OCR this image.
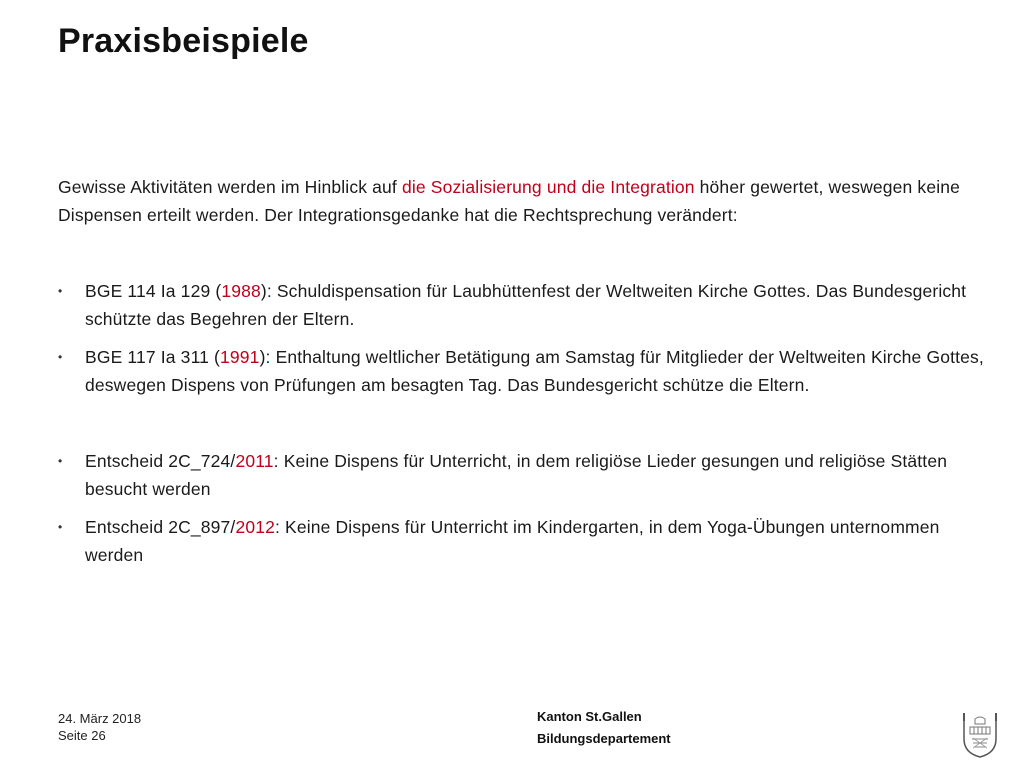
Praxisbeispiele

Gewisse Aktivitäten werden im Hinblick auf die Sozialisierung und die Integration höher gewertet, weswegen keine Dispensen erteilt werden. Der Integrationsgedanke hat die Rechtsprechung verändert:

• BGE 114 Ia 129 (1988): Schuldispensation für Laubhüttenfest der Weltweiten Kirche Gottes. Das Bundesgericht schützte das Begehren der Eltern.
• BGE 117 Ia 311 (1991): Enthaltung weltlicher Betätigung am Samstag für Mitglieder der Weltweiten Kirche Gottes, deswegen Dispens von Prüfungen am besagten Tag. Das Bundesgericht schütze die Eltern.
• Entscheid 2C_724/2011: Keine Dispens für Unterricht, in dem religiöse Lieder gesungen und religiöse Stätten besucht werden
• Entscheid 2C_897/2012: Keine Dispens für Unterricht im Kindergarten, in dem Yoga-Übungen unternommen werden
24. März 2018
Seite 26
Kanton St.Gallen
Bildungsdepartement
